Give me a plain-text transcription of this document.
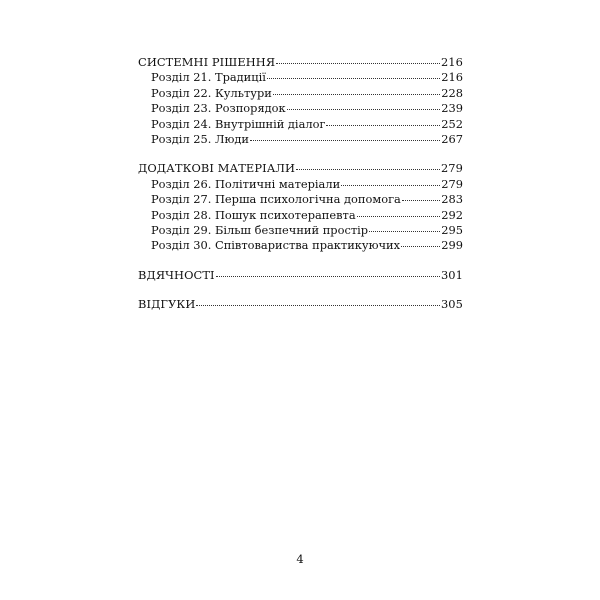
СИСТЕМНІ РІШЕННЯ	216
Розділ 21. Традиції	216
Розділ 22. Культури	228
Розділ 23. Розпорядок	239
Розділ 24. Внутрішній діалог	252
Розділ 25. Люди	267
ДОДАТКОВІ МАТЕРІАЛИ	279
Розділ 26. Політичні матеріали	279
Розділ 27. Перша психологічна допомога	283
Розділ 28. Пошук психотерапевта	292
Розділ 29. Більш безпечний простір	295
Розділ 30. Співтовариства практикуючих	299
ВДЯЧНОСТІ	301
ВІДГУКИ	305
4
